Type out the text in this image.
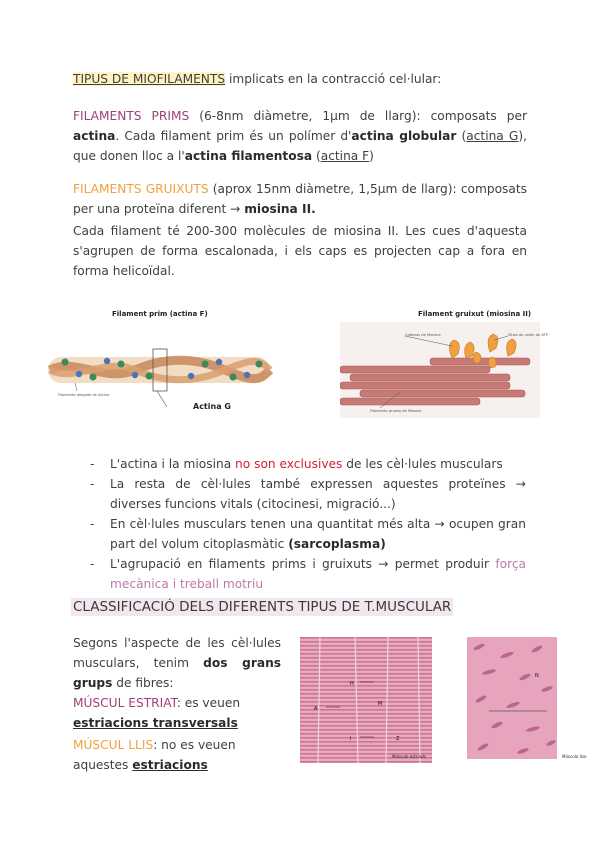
TIPUS DE MIOFILAMENTS implicats en la contracció cel·lular:
FILAMENTS PRIMS (6-8nm diàmetre, 1µm de llarg): composats per actina. Cada filament prim és un polímer d'actina globular (actina G), que donen lloc a l'actina filamentosa (actina F)
FILAMENTS GRUIXUTS (aprox 15nm diàmetre, 1,5µm de llarg): composats per una proteïna diferent → miosina II.
Cada filament té 200-300 molècules de miosina II. Les cues d'aquesta s'agrupen de forma escalonada, i els caps es projecten cap a fora en forma helicoïdal.
Filament prim (actina F)
Filamento delgado de Actina
Actina G
Filament gruixut (miosina II)
Cabezas de Miosina	Sitios de unión de ATP
Filamento grueso de Miosina
- L'actina i la miosina no son exclusives de les cèl·lules musculars
- La resta de cèl·lules també expressen aquestes proteïnes → diverses funcions vitals (citocinesi, migració...)
- En cèl·lules musculars tenen una quantitat més alta → ocupen gran part del volum citoplasmàtic (sarcoplasma)
- L'agrupació en filaments prims i gruixuts → permet produir força mecànica i treball motriu
CLASSIFICACIÓ DELS DIFERENTS TIPUS DE T.MUSCULAR
Segons l'aspecte de les cèl·lules musculars, tenim dos grans grups de fibres:
MÚSCUL ESTRIAT: es veuen estriacions transversals
MÚSCUL LLIS: no es veuen aquestes estriacions
A
H
M
I	Z
Músculo estriado
N
Músculo liso
